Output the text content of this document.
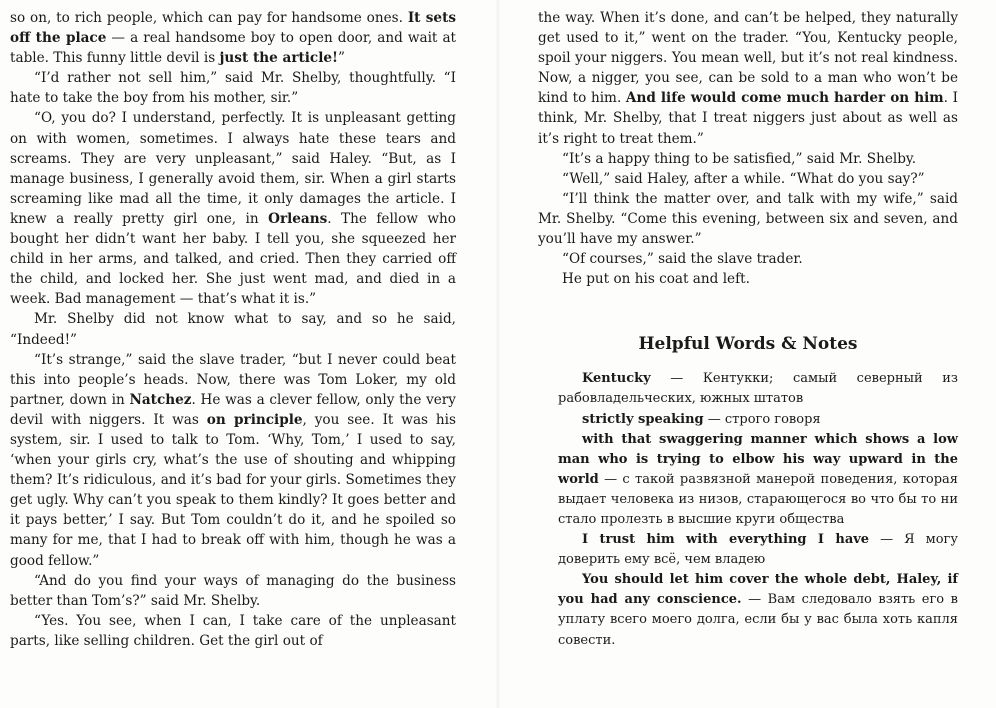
so on, to rich people, which can pay for handsome ones. It sets off the place — a real handsome boy to open door, and wait at table. This funny little devil is just the article!”

“I’d rather not sell him,” said Mr. Shelby, thoughtfully. “I hate to take the boy from his mother, sir.”

“O, you do? I understand, perfectly. It is unpleasant getting on with women, sometimes. I always hate these tears and screams. They are very unpleasant,” said Haley. “But, as I manage business, I generally avoid them, sir. When a girl starts screaming like mad all the time, it only damages the article. I knew a really pretty girl one, in Orleans. The fellow who bought her didn’t want her baby. I tell you, she squeezed her child in her arms, and talked, and cried. Then they carried off the child, and locked her. She just went mad, and died in a week. Bad management — that’s what it is.”

Mr. Shelby did not know what to say, and so he said, “Indeed!”

“It’s strange,” said the slave trader, “but I never could beat this into people’s heads. Now, there was Tom Loker, my old partner, down in Natchez. He was a clever fellow, only the very devil with niggers. It was on principle, you see. It was his system, sir. I used to talk to Tom. ‘Why, Tom,’ I used to say, ‘when your girls cry, what’s the use of shouting and whipping them? It’s ridiculous, and it’s bad for your girls. Sometimes they get ugly. Why can’t you speak to them kindly? It goes better and it pays better,’ I say. But Tom couldn’t do it, and he spoiled so many for me, that I had to break off with him, though he was a good fellow.”

“And do you find your ways of managing do the business better than Tom’s?” said Mr. Shelby.

“Yes. You see, when I can, I take care of the unpleasant parts, like selling children. Get the girl out of

the way. When it’s done, and can’t be helped, they naturally get used to it,” went on the trader. “You, Kentucky people, spoil your niggers. You mean well, but it’s not real kindness. Now, a nigger, you see, can be sold to a man who won’t be kind to him. And life would come much harder on him. I think, Mr. Shelby, that I treat niggers just about as well as it’s right to treat them.”

“It’s a happy thing to be satisfied,” said Mr. Shelby.

“Well,” said Haley, after a while. “What do you say?”

“I’ll think the matter over, and talk with my wife,” said Mr. Shelby. “Come this evening, between six and seven, and you’ll have my answer.”

“Of courses,” said the slave trader.

He put on his coat and left.

Helpful Words & Notes

Kentucky — Кентукки; самый северный из рабовладельческих, южных штатов

strictly speaking — строго говоря

with that swaggering manner which shows a low man who is trying to elbow his way upward in the world — с такой развязной манерой поведения, которая выдает человека из низов, старающегося во что бы то ни стало пролезть в высшие круги общества

I trust him with everything I have — Я могу доверить ему всё, чем владею

You should let him cover the whole debt, Haley, if you had any conscience. — Вам следовало взять его в уплату всего моего долга, если бы у вас была хоть капля совести.
